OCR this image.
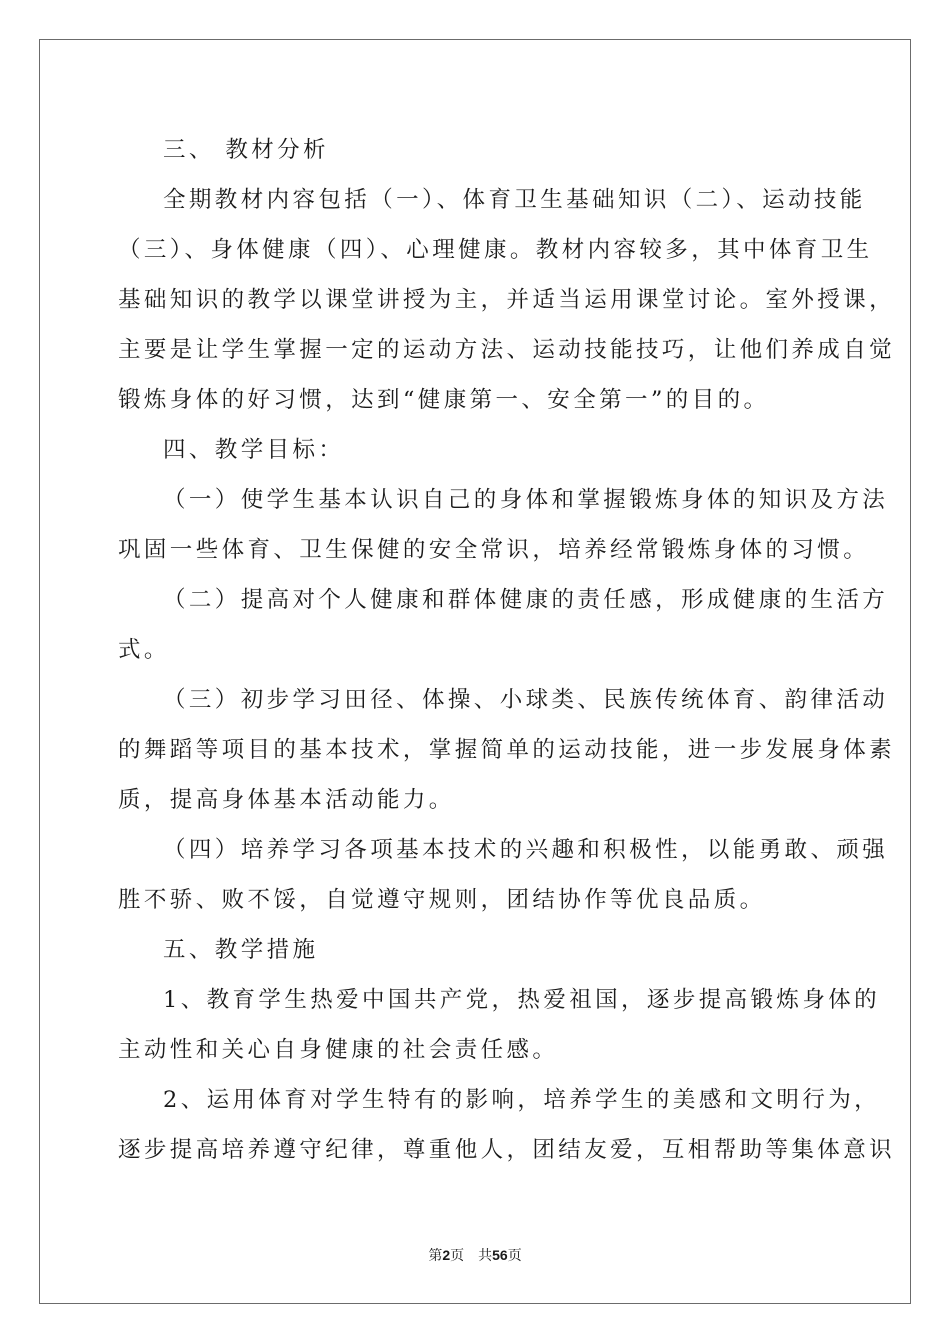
三、 教材分析
全期教材内容包括（一）、体育卫生基础知识（二）、运动技能
（三）、身体健康（四）、心理健康。教材内容较多，其中体育卫生
基础知识的教学以课堂讲授为主，并适当运用课堂讨论。室外授课，
主要是让学生掌握一定的运动方法、运动技能技巧，让他们养成自觉
锻炼身体的好习惯，达到“健康第一、安全第一”的目的。
四、教学目标：
（一）使学生基本认识自己的身体和掌握锻炼身体的知识及方法
巩固一些体育、卫生保健的安全常识，培养经常锻炼身体的习惯。
（二）提高对个人健康和群体健康的责任感，形成健康的生活方
式。
（三）初步学习田径、体操、小球类、民族传统体育、韵律活动
的舞蹈等项目的基本技术，掌握简单的运动技能，进一步发展身体素
质，提高身体基本活动能力。
（四）培养学习各项基本技术的兴趣和积极性，以能勇敢、顽强
胜不骄、败不馁，自觉遵守规则，团结协作等优良品质。
五、教学措施
1、教育学生热爱中国共产党，热爱祖国，逐步提高锻炼身体的
主动性和关心自身健康的社会责任感。
2、运用体育对学生特有的影响，培养学生的美感和文明行为，
逐步提高培养遵守纪律，尊重他人，团结友爱，互相帮助等集体意识
第2页 共56页
